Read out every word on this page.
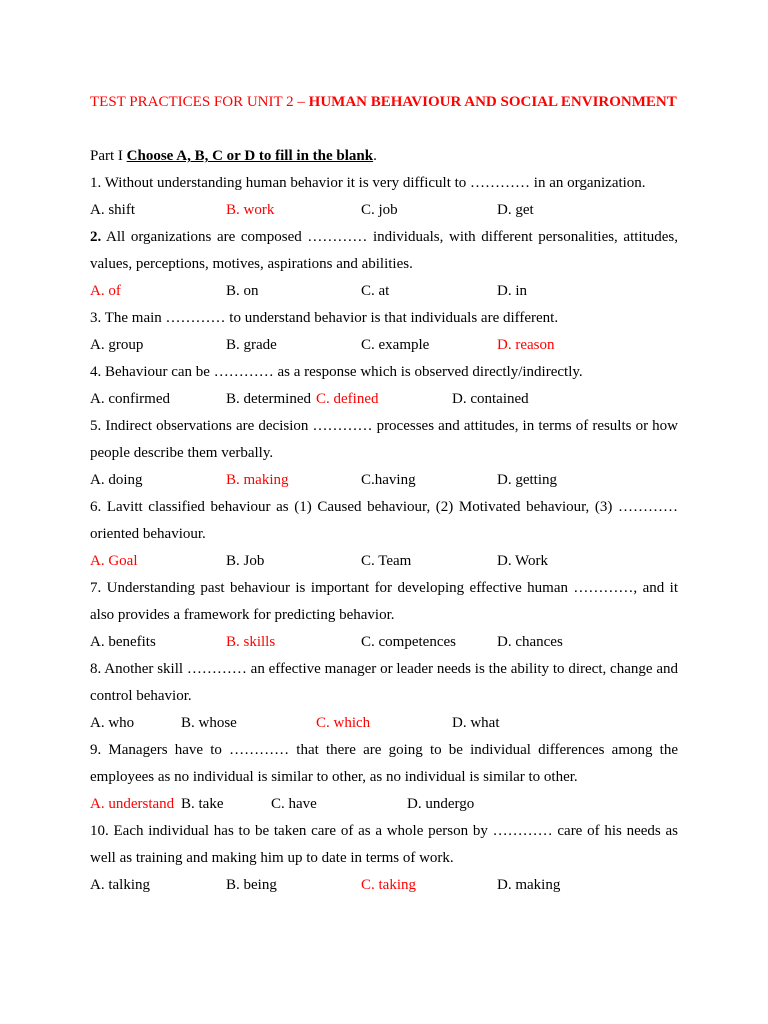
TEST PRACTICES FOR UNIT 2 – HUMAN BEHAVIOUR AND SOCIAL ENVIRONMENT

Part I Choose A, B, C or D to fill in the blank.

1. Without understanding human behavior it is very difficult to ………… in an organization.

A. shift	B. work	C. job	D. get

2. All organizations are composed ………… individuals, with different personalities, attitudes, values, perceptions, motives, aspirations and abilities.

A. of	B. on	C. at	D. in

3. The main ………… to understand behavior is that individuals are different.

A. group	B. grade	C. example	D. reason

4. Behaviour can be ………… as a response which is observed directly/indirectly.

A. confirmed	B. determined C. defined	D. contained

5. Indirect observations are decision ………… processes and attitudes, in terms of results or how people describe them verbally.

A. doing	B. making	C.having	D. getting

6. Lavitt classified behaviour as (1) Caused behaviour, (2) Motivated behaviour, (3) ………… oriented behaviour.

A. Goal	B. Job	C. Team	D. Work

7. Understanding past behaviour is important for developing effective human …………, and it also provides a framework for predicting behavior.

A. benefits	B. skills	C. competences	D. chances

8. Another skill ………… an effective manager or leader needs is the ability to direct, change and control behavior.

A. who	B. whose	C. which	D. what

9. Managers have to ………… that there are going to be individual differences among the employees as no individual is similar to other, as no individual is similar to other.

A. understand B. take	C. have	D. undergo

10. Each individual has to be taken care of as a whole person by ………… care of his needs as well as training and making him up to date in terms of work.

A. talking	B. being	C. taking	D. making
